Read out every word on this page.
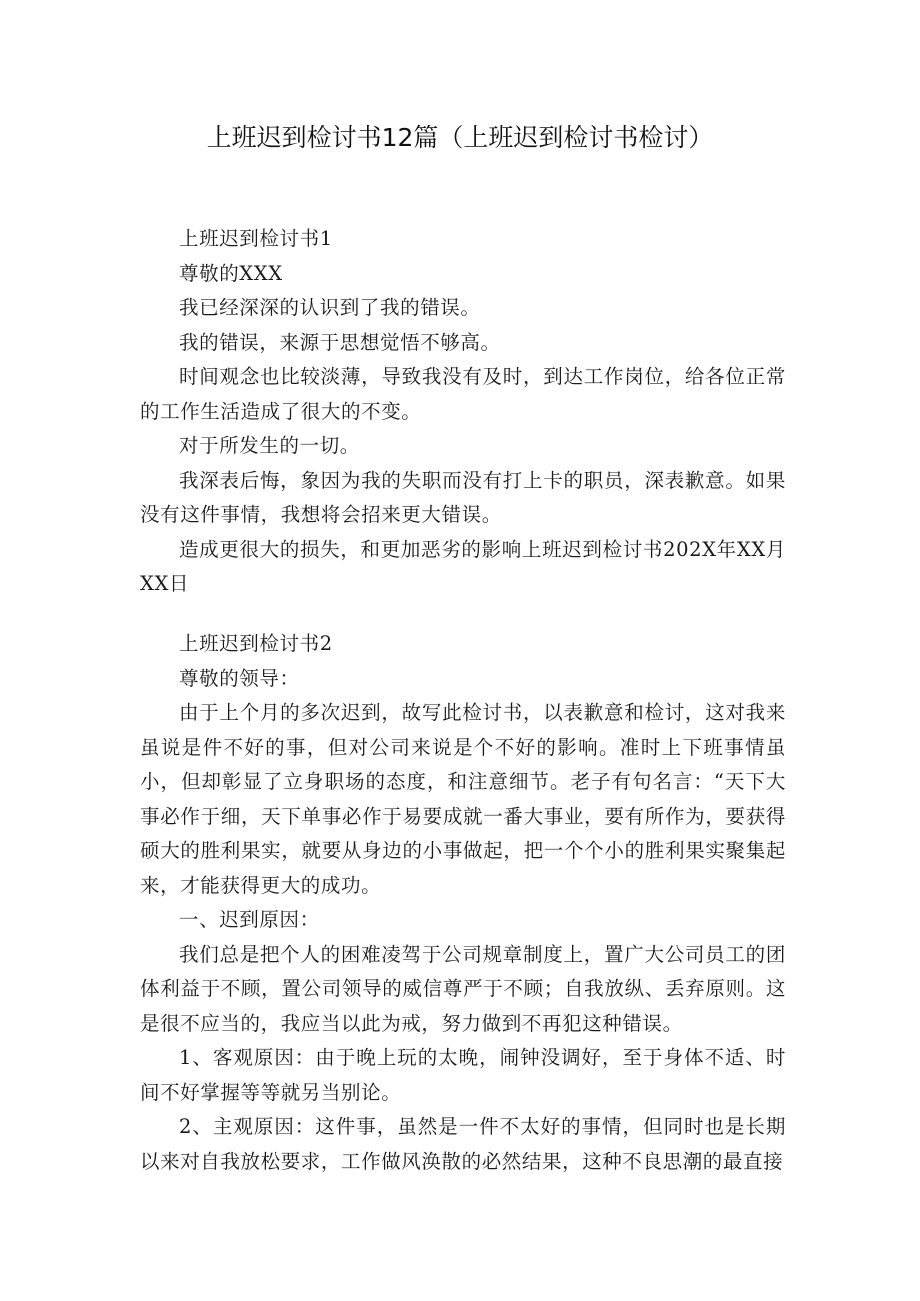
上班迟到检讨书12篇（上班迟到检讨书检讨）

上班迟到检讨书1

尊敬的XXX

我已经深深的认识到了我的错误。

我的错误，来源于思想觉悟不够高。

时间观念也比较淡薄，导致我没有及时，到达工作岗位，给各位正常的工作生活造成了很大的不变。

对于所发生的一切。

我深表后悔，象因为我的失职而没有打上卡的职员，深表歉意。如果没有这件事情，我想将会招来更大错误。

造成更很大的损失，和更加恶劣的影响上班迟到检讨书202X年XX月XX日

上班迟到检讨书2

尊敬的领导：

由于上个月的多次迟到，故写此检讨书，以表歉意和检讨，这对我来虽说是件不好的事，但对公司来说是个不好的影响。准时上下班事情虽小，但却彰显了立身职场的态度，和注意细节。老子有句名言：“天下大事必作于细，天下单事必作于易要成就一番大事业，要有所作为，要获得硕大的胜利果实，就要从身边的小事做起，把一个个小的胜利果实聚集起来，才能获得更大的成功。

一、迟到原因：

我们总是把个人的困难凌驾于公司规章制度上，置广大公司员工的团体利益于不顾，置公司领导的威信尊严于不顾；自我放纵、丢弃原则。这是很不应当的，我应当以此为戒，努力做到不再犯这种错误。

1、客观原因：由于晚上玩的太晚，闹钟没调好，至于身体不适、时间不好掌握等等就另当别论。

2、主观原因：这件事，虽然是一件不太好的事情，但同时也是长期以来对自我放松要求，工作做风涣散的必然结果，这种不良思潮的最直接
